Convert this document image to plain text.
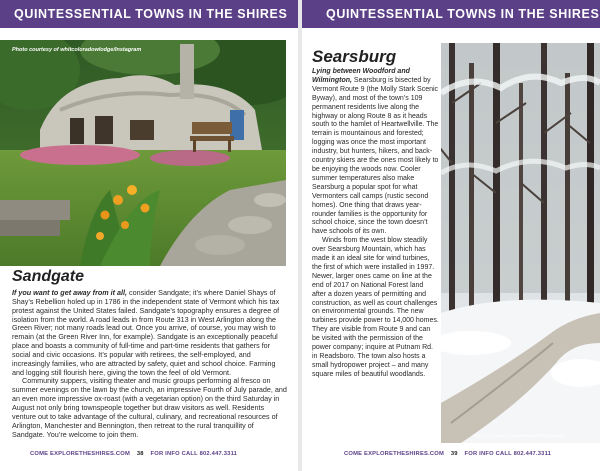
QUINTESSENTIAL TOWNS IN THE SHIRES
Photo courtesy of whitcoloradowlodge/Instagram
Sandgate

If you want to get away from it all, consider Sandgate; it’s where Daniel Shays of Shay’s Rebellion holed up in 1786 in the independent state of Vermont which his tax protest against the United States failed. Sandgate’s topography ensures a degree of isolation from the world. A road leads in from Route 313 in West Arlington along the Green River; not many roads lead out. Once you arrive, of course, you may wish to remain (at the Green River Inn, for example). Sandgate is an exceptionally peaceful place and boasts a community of full-time and part-time residents that gathers for social and civic occasions. It’s popular with retirees, the self-employed, and increasingly families, who are attracted by safety, quiet and school choice. Farming and logging still flourish here, giving the town the feel of old Vermont.

Community suppers, visiting theater and music groups performing al fresco on summer evenings on the lawn by the church, an impressive Fourth of July parade, and an even more impressive ox-roast (with a vegetarian option) on the third Saturday in August not only bring townspeople together but draw visitors as well. Residents venture out to take advantage of the cultural, culinary, and recreational resources of Arlington, Manchester and Bennington, then retreat to the rural tranquillity of Sandgate. You’re welcome to join them.

COME EXPLORETHESHIRES.COM 38 FOR INFO CALL 802.447.3311
QUINTESSENTIAL TOWNS IN THE SHIRES
Searsburg

Lying between Woodford and Wilmington, Searsburg is bisected by Vermont Route 9 (the Molly Stark Scenic Byway), and most of the town’s 109 permanent residents live along the highway or along Route 8 as it heads south to the hamlet of Heartwellville. The terrain is mountainous and forested; logging was once the most important industry, but hunters, hikers, and back-country skiers are the ones most likely to be enjoying the woods now. Cooler summer temperatures also make Searsburg a popular spot for what Vermonters call camps (rustic second homes). One thing that draws year-rounder families is the opportunity for school choice, since the town doesn’t have schools of its own.

Winds from the west blow steadily over Searsburg Mountain, which has made it an ideal site for wind turbines, the first of which were installed in 1997. Newer, larger ones came on line at the end of 2017 on National Forest land after a dozen years of permitting and construction, as well as court challenges on environmental grounds. The new turbines provide power to 14,000 homes. They are visible from Route 9 and can be visited with the permission of the power company; inquire at Putnam Rd. in Readsboro. The town also hosts a small hydropower project – and many square miles of beautiful woodlands.

Photo by Lorraine Houseman Photography
COME EXPLORETHESHIRES.COM 39 FOR INFO CALL 802.447.3311
